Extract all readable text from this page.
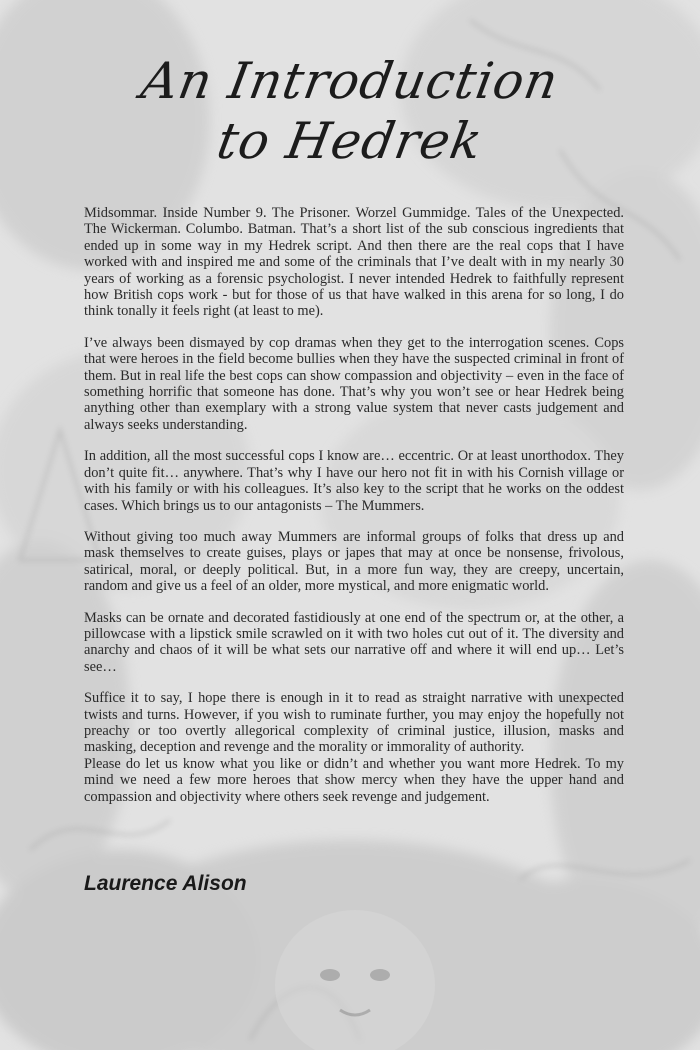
An Introduction
to Hedrek

Midsommar. Inside Number 9. The Prisoner. Worzel Gummidge. Tales of the Unexpected. The Wickerman. Columbo. Batman. That’s a short list of the sub conscious ingredients that ended up in some way in my Hedrek script. And then there are the real cops that I have worked with and inspired me and some of the criminals that I’ve dealt with in my nearly 30 years of working as a forensic psychologist. I never intended Hedrek to faithfully represent how British cops work - but for those of us that have walked in this arena for so long, I do think tonally it feels right (at least to me).

I’ve always been dismayed by cop dramas when they get to the interrogation scenes. Cops that were heroes in the field become bullies when they have the suspected criminal in front of them. But in real life the best cops can show compassion and objectivity – even in the face of something horrific that someone has done. That’s why you won’t see or hear Hedrek being anything other than exemplary with a strong value system that never casts judgement and always seeks understanding.

In addition, all the most successful cops I know are… eccentric. Or at least unorthodox. They don’t quite fit… anywhere. That’s why I have our hero not fit in with his Cornish village or with his family or with his colleagues. It’s also key to the script that he works on the oddest cases. Which brings us to our antagonists – The Mummers.

Without giving too much away Mummers are informal groups of folks that dress up and mask themselves to create guises, plays or japes that may at once be nonsense, frivolous, satirical, moral, or deeply political. But, in a more fun way, they are creepy, uncertain, random and give us a feel of an older, more mystical, and more enigmatic world.

Masks can be ornate and decorated fastidiously at one end of the spectrum or, at the other, a pillowcase with a lipstick smile scrawled on it with two holes cut out of it. The diversity and anarchy and chaos of it will be what sets our narrative off and where it will end up… Let’s see…

Suffice it to say, I hope there is enough in it to read as straight narrative with unexpected twists and turns. However, if you wish to ruminate further, you may enjoy the hopefully not preachy or too overtly allegorical complexity of criminal justice, illusion, masks and masking, deception and revenge and the morality or immorality of authority.

Please do let us know what you like or didn’t and whether you want more Hedrek. To my mind we need a few more heroes that show mercy when they have the upper hand and compassion and objectivity where others seek revenge and judgement.

Laurence Alison
